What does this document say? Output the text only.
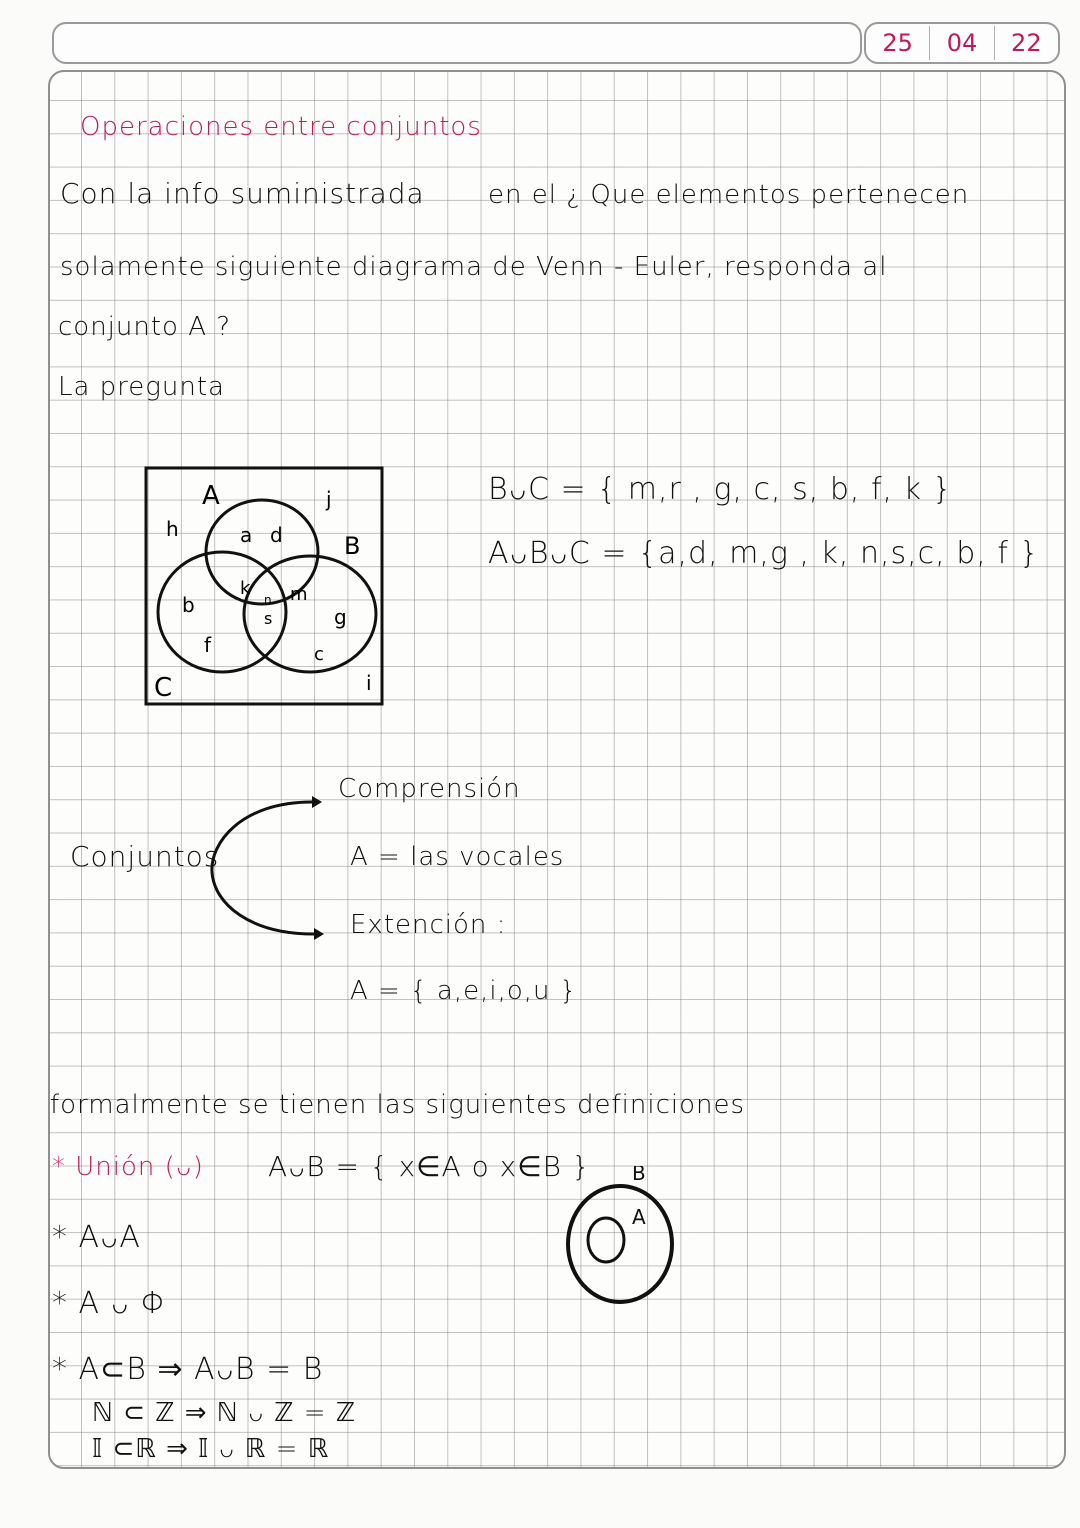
25	04	22
Operaciones entre conjuntos
Con la info suministrada en el ¿ Que elementos pertenecen
solamente siguiente diagrama de Venn - Euler, responda al
conjunto A ?
La pregunta
A
B
C
h
j
i
a d
k m
n
s
b
f
g
c
BᴗC = { m,r , g, c, s, b, f, k }
AᴗBᴗC = {a,d, m,g , k, n,s,c, b, f }
Conjuntos
Comprensión
A = las vocales
Extención :
A = { a,e,i,o,u }
formalmente se tienen las siguientes definiciones
* Unión (ᴗ) AᴗB = { x∈A o x∈B }
* AᴗA
* A ᴗ Φ
* A⊂B ⇒ AᴗB = B
ℕ ⊂ ℤ ⇒ ℕ ᴗ ℤ = ℤ
𝕀 ⊂ℝ ⇒ 𝕀 ᴗ ℝ = ℝ
B
A
